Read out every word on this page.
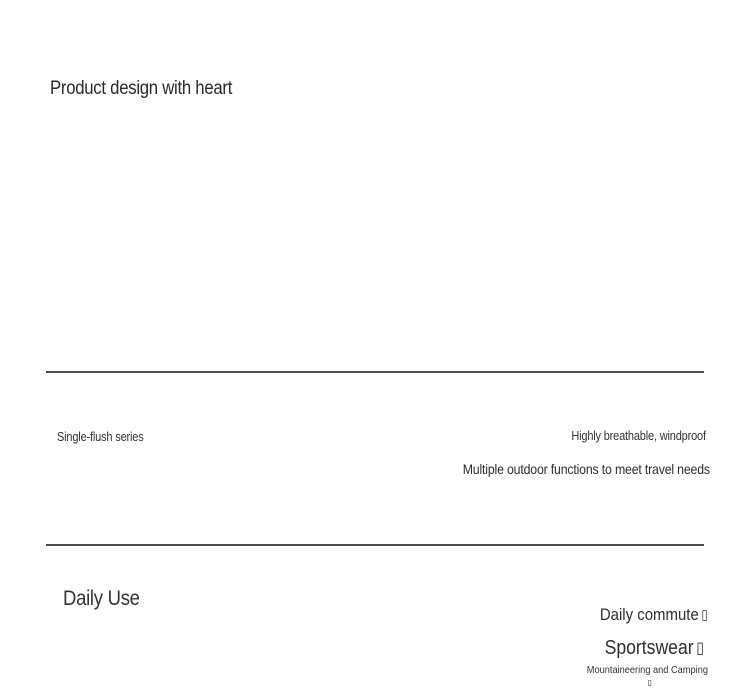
Product design with heart
Single-flush series	Highly breathable, windproof
Multiple outdoor functions to meet travel needs
Daily Use
Daily commute ▯
Sportswear ▯
Mountaineering and Camping
▯
